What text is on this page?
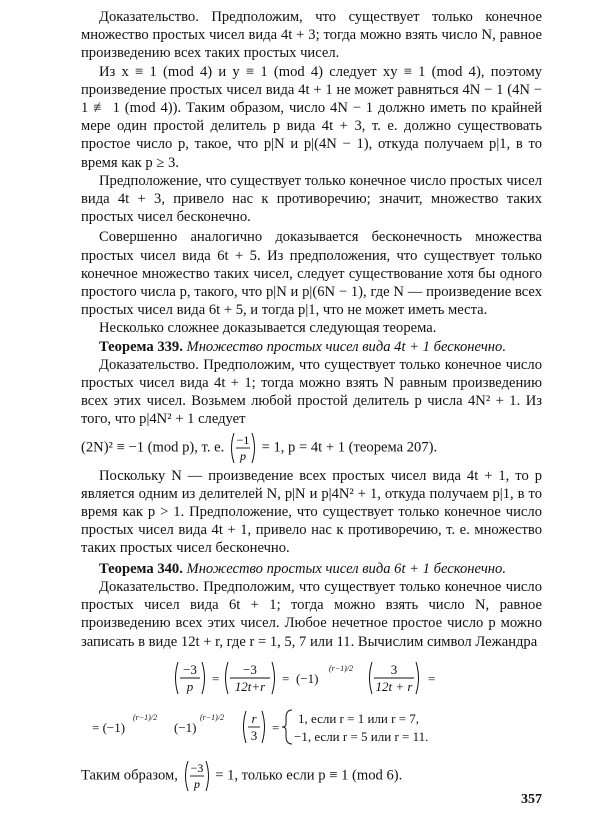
Доказательство. Предположим, что существует только конечное множество простых чисел вида 4t + 3; тогда можно взять число N, равное произведению всех таких простых чисел.

Из x ≡ 1 (mod 4) и y ≡ 1 (mod 4) следует xy ≡ 1 (mod 4), поэтому произведение простых чисел вида 4t + 1 не может равняться 4N − 1 (4N − 1 ≢ 1 (mod 4)). Таким образом, число 4N − 1 должно иметь по крайней мере один простой делитель p вида 4t + 3, т. е. должно существовать простое число p, такое, что p|N и p|(4N − 1), откуда получаем p|1, в то время как p ≥ 3.

Предположение, что существует только конечное число простых чисел вида 4t + 3, привело нас к противоречию; значит, множество таких простых чисел бесконечно.

Совершенно аналогично доказывается бесконечность множества простых чисел вида 6t + 5. Из предположения, что существует только конечное множество таких чисел, следует существование хотя бы одного простого числа p, такого, что p|N и p|(6N − 1), где N — произведение всех простых чисел вида 6t + 5, и тогда p|1, что не может иметь места.

Несколько сложнее доказывается следующая теорема.

Теорема 339. Множество простых чисел вида 4t + 1 бесконечно.

Доказательство. Предположим, что существует только конечное число простых чисел вида 4t + 1; тогда можно взять N равным произведению всех этих чисел. Возьмем любой простой делитель p числа 4N² + 1. Из того, что p|4N² + 1 следует

(2N)² ≡ −1 (mod p), т. е. −1
p
= 1, p = 4t + 1 (теорема 207).

Поскольку N — произведение всех простых чисел вида 4t + 1, то p является одним из делителей N, p|N и p|4N² + 1, откуда получаем p|1, в то время как p > 1. Предположение, что существует только конечное число простых чисел вида 4t + 1, привело нас к противоречию, т. е. множество таких простых чисел бесконечно.

Теорема 340. Множество простых чисел вида 6t + 1 бесконечно.

Доказательство. Предположим, что существует только конечное число простых чисел вида 6t + 1; тогда можно взять число N, равное произведению всех этих чисел. Любое нечетное простое число p можно записать в виде 12t + r, где r = 1, 5, 7 или 11. Вычислим символ Лежандра

−3
p
=
−3
12t+r
= (−1)
(r−1)/2	3
12t + r
=
= (−1)
(r−1)/2
(−1)
(r−1)/2 r
3
=
1, если r = 1 или r = 7,
−1, если r = 5 или r = 11.
Таким образом, −3
p
= 1, только если p ≡ 1 (mod 6).
357
